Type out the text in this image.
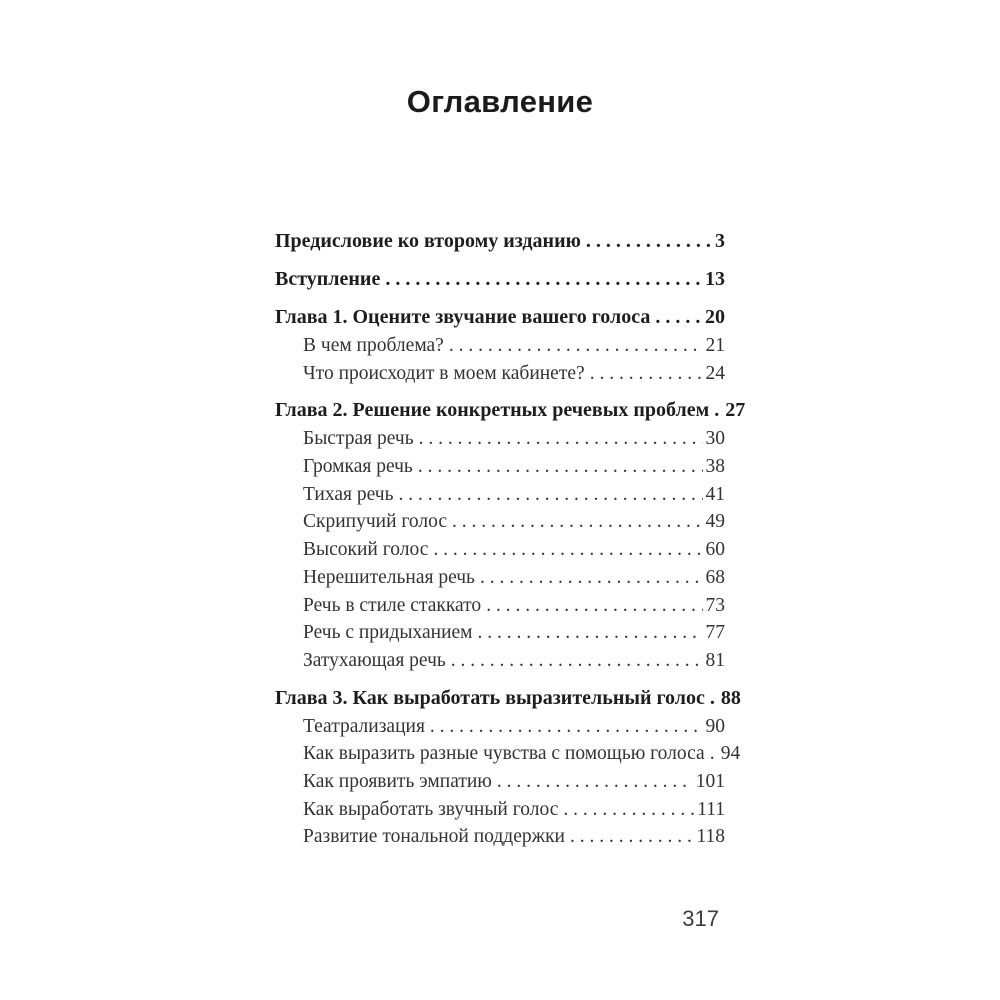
Оглавление
Предисловие ко второму изданию . . .	3
Вступление . . .	13
Глава 1. Оцените звучание вашего голоса . . .	20
В чем проблема? . . .	21
Что происходит в моем кабинете? . . .	24
Глава 2. Решение конкретных речевых проблем . . . 27
Быстрая речь . . .	30
Громкая речь . . .	38
Тихая речь . . .	41
Скрипучий голос . . .	49
Высокий голос . . .	60
Нерешительная речь . . .	68
Речь в стиле стаккато . . .	73
Речь с придыханием . . .	77
Затухающая речь . . .	81
Глава 3. Как выработать выразительный голос . . . 88
Театрализация . . .	90
Как выразить разные чувства с помощью голоса . . . 94
Как проявить эмпатию . . .	101
Как выработать звучный голос . . .	111
Развитие тональной поддержки . . .	118
317
